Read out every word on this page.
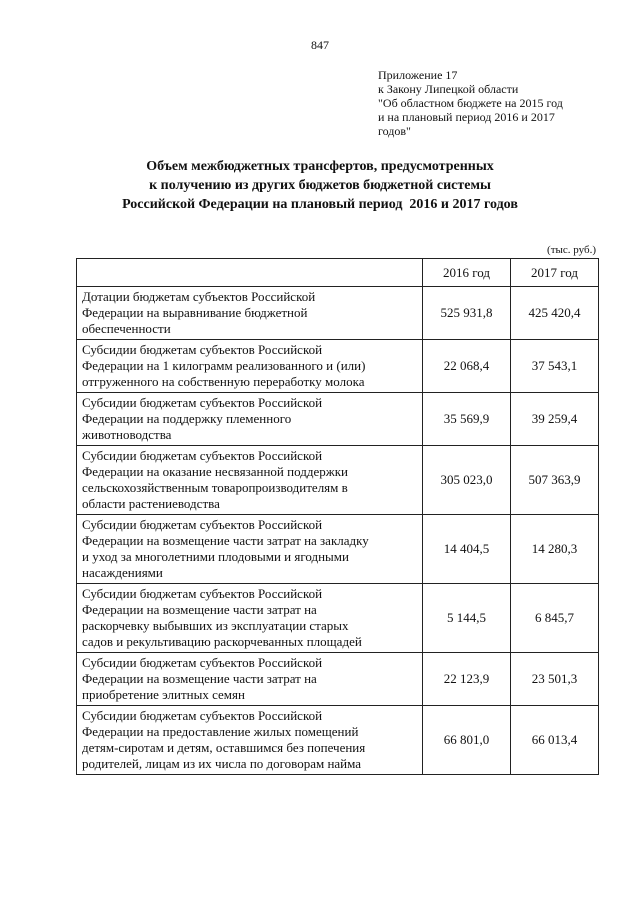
847
Приложение 17
к Закону Липецкой области
"Об областном бюджете на 2015 год
и на плановый период 2016 и 2017
годов"
Объем межбюджетных трансфертов, предусмотренных
к получению из других бюджетов бюджетной системы
Российской Федерации на плановый период  2016 и 2017 годов
(тыс. руб.)
	2016 год	2017 год

Дотации бюджетам субъектов Российской
Федерации на выравнивание бюджетной
обеспеченности	525 931,8	425 420,4

Субсидии бюджетам субъектов Российской
Федерации на 1 килограмм реализованного и (или)
отгруженного на собственную переработку молока	22 068,4	37 543,1

Субсидии бюджетам субъектов Российской
Федерации на поддержку племенного
животноводства	35 569,9	39 259,4

Субсидии бюджетам субъектов Российской
Федерации на оказание несвязанной поддержки
сельскохозяйственным товаропроизводителям в
области растениеводства	305 023,0	507 363,9

Субсидии бюджетам субъектов Российской
Федерации на возмещение части затрат на закладку
и уход за многолетними плодовыми и ягодными
насаждениями	14 404,5	14 280,3

Субсидии бюджетам субъектов Российской
Федерации на возмещение части затрат на
раскорчевку выбывших из эксплуатации старых
садов и рекультивацию раскорчеванных площадей	5 144,5	6 845,7

Субсидии бюджетам субъектов Российской
Федерации на возмещение части затрат на
приобретение элитных семян	22 123,9	23 501,3

Субсидии бюджетам субъектов Российской
Федерации на предоставление жилых помещений
детям-сиротам и детям, оставшимся без попечения
родителей, лицам из их числа по договорам найма	66 801,0	66 013,4
